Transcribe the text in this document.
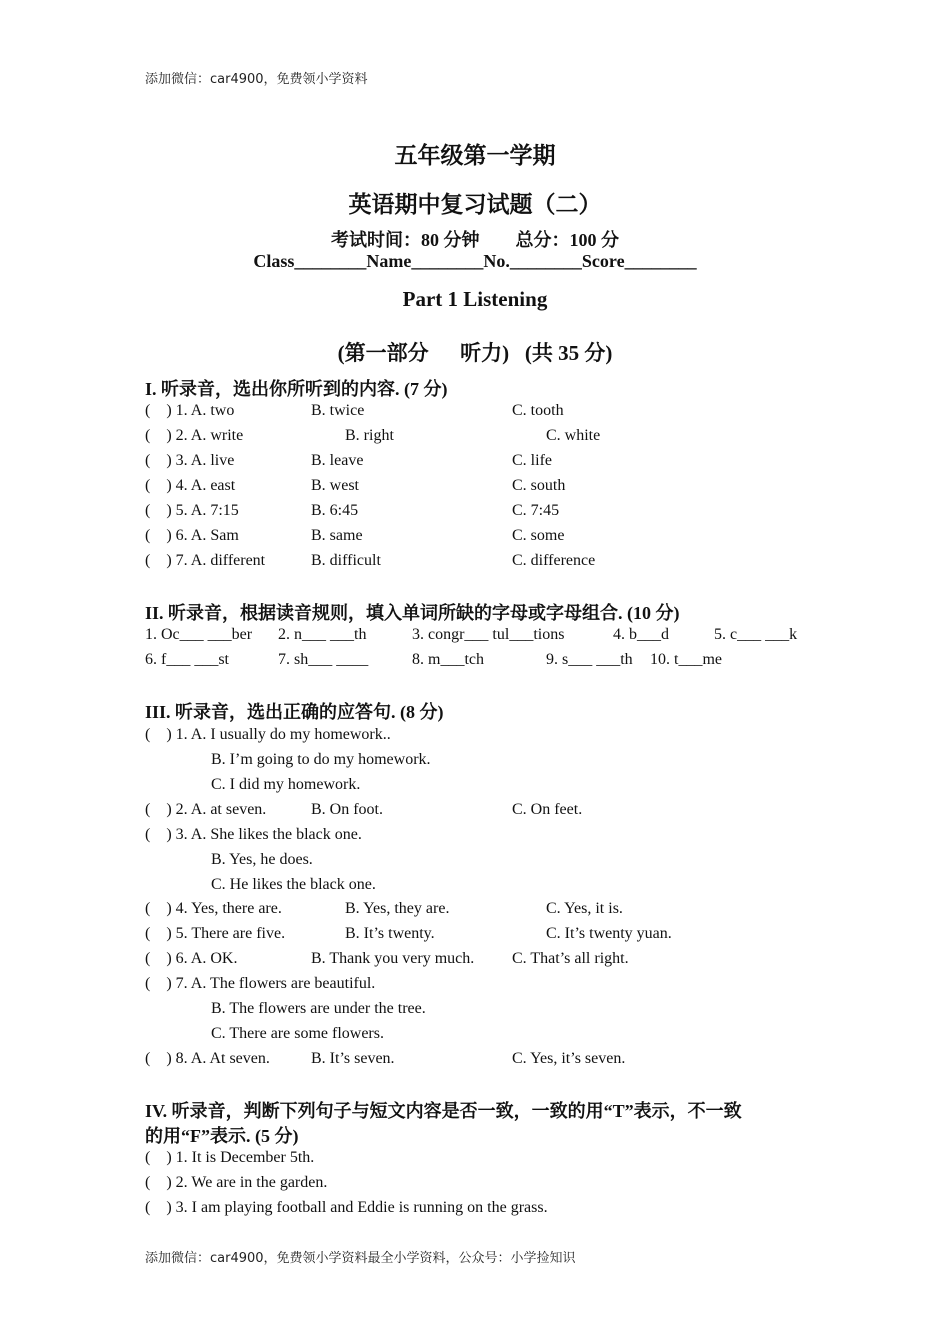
添加微信：car4900，免费领小学资料
五年级第一学期
英语期中复习试题（二）
考试时间：80 分钟        总分：100 分
Class________Name________No.________Score________
Part 1 Listening
(第一部分      听力)   (共 35 分)
I. 听录音，选出你所听到的内容. (7 分)
(    ) 1. A. two	B. twice	C. tooth
(    ) 2. A. write	B. right	C. white
(    ) 3. A. live	B. leave	C. life
(    ) 4. A. east	B. west	C. south
(    ) 5. A. 7:15	B. 6:45	C. 7:45
(    ) 6. A. Sam	B. same	C. some
(    ) 7. A. different	B. difficult	C. difference
II. 听录音，根据读音规则，填入单词所缺的字母或字母组合. (10 分)
1. Oc___ ___ber 2. n___ ___th	3. congr___ tul___tions	4. b___d	5. c___ ___k
6. f___ ___st	7. sh___ ____	8. m___tch	9. s___ ___th 10. t___me
III. 听录音，选出正确的应答句. (8 分)
(    ) 1. A. I usually do my homework..
B. I’m going to do my homework.
C. I did my homework.
(    ) 2. A. at seven.	B. On foot.	C. On feet.
(    ) 3. A. She likes the black one.
B. Yes, he does.
C. He likes the black one.
(    ) 4. Yes, there are.	B. Yes, they are.	C. Yes, it is.
(    ) 5. There are five.	B. It’s twenty.	C. It’s twenty yuan.
(    ) 6. A. OK.	B. Thank you very much. C. That’s all right.
(    ) 7. A. The flowers are beautiful.
B. The flowers are under the tree.
C. There are some flowers.
(    ) 8. A. At seven.	B. It’s seven.	C. Yes, it’s seven.
IV. 听录音，判断下列句子与短文内容是否一致，一致的用“T”表示，不一致
的用“F”表示. (5 分)
(    ) 1. It is December 5th.
(    ) 2. We are in the garden.
(    ) 3. I am playing football and Eddie is running on the grass.
添加微信：car4900，免费领小学资料最全小学资料，公众号：小学捡知识
